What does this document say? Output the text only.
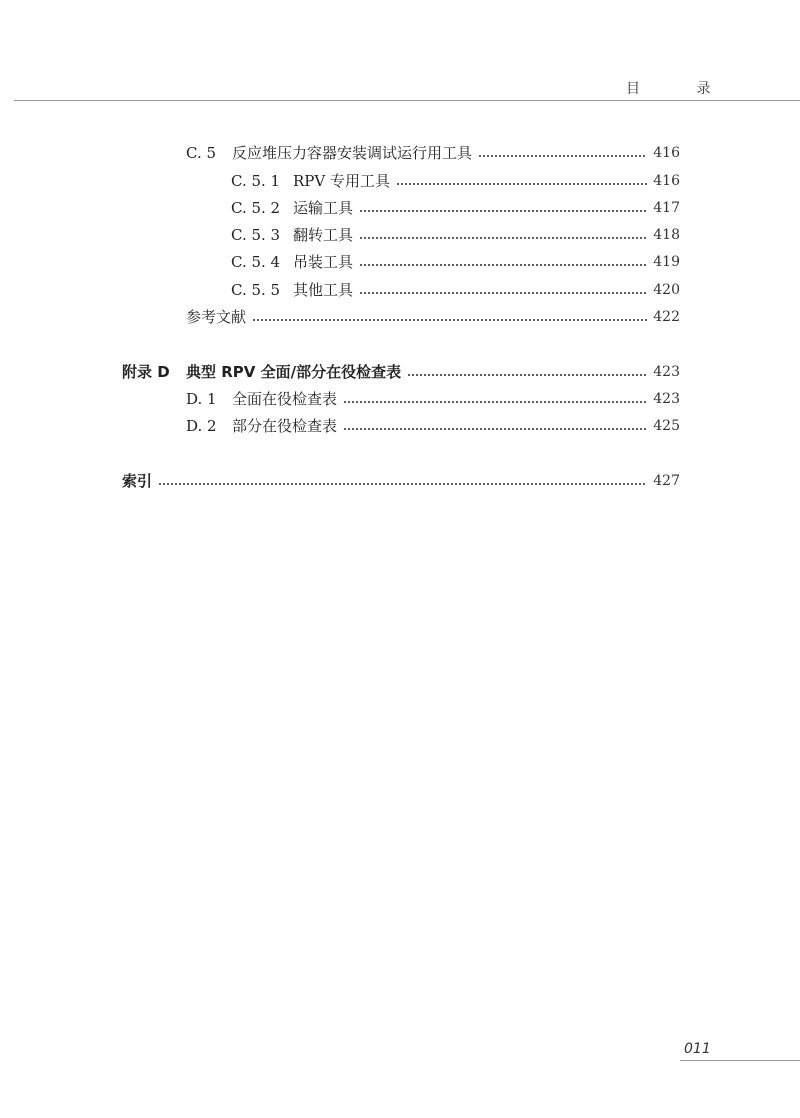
目 录
C. 5	反应堆压力容器安装调试运行用工具	416
C. 5. 1 RPV 专用工具	416
C. 5. 2 运输工具	417
C. 5. 3 翻转工具	418
C. 5. 4 吊装工具	419
C. 5. 5 其他工具	420
参考文献	422
附录 D	典型 RPV 全面/部分在役检查表	423
D. 1	全面在役检查表	423
D. 2	部分在役检查表	425
索引	427
011
